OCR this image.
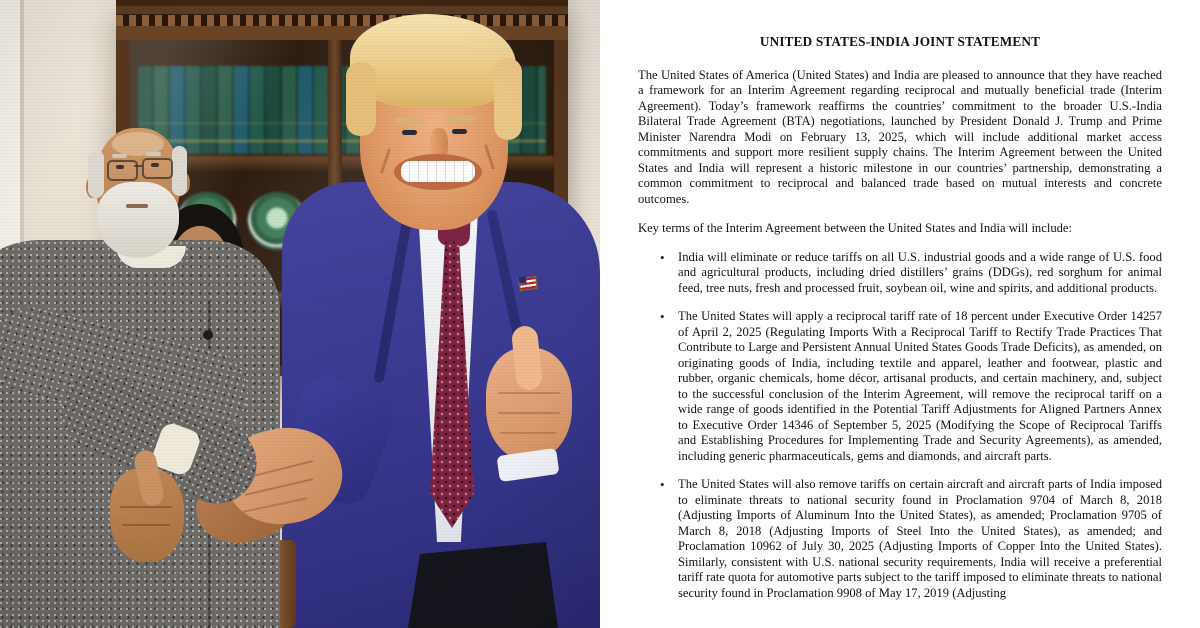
UNITED STATES-INDIA JOINT STATEMENT

The United States of America (United States) and India are pleased to announce that they have reached a framework for an Interim Agreement regarding reciprocal and mutually beneficial trade (Interim Agreement). Today’s framework reaffirms the countries’ commitment to the broader U.S.-India Bilateral Trade Agreement (BTA) negotiations, launched by President Donald J. Trump and Prime Minister Narendra Modi on February 13, 2025, which will include additional market access commitments and support more resilient supply chains. The Interim Agreement between the United States and India will represent a historic milestone in our countries’ partnership, demonstrating a common commitment to reciprocal and balanced trade based on mutual interests and concrete outcomes.

Key terms of the Interim Agreement between the United States and India will include:

• India will eliminate or reduce tariffs on all U.S. industrial goods and a wide range of U.S. food and agricultural products, including dried distillers’ grains (DDGs), red sorghum for animal feed, tree nuts, fresh and processed fruit, soybean oil, wine and spirits, and additional products.
• The United States will apply a reciprocal tariff rate of 18 percent under Executive Order 14257 of April 2, 2025 (Regulating Imports With a Reciprocal Tariff to Rectify Trade Practices That Contribute to Large and Persistent Annual United States Goods Trade Deficits), as amended, on originating goods of India, including textile and apparel, leather and footwear, plastic and rubber, organic chemicals, home décor, artisanal products, and certain machinery, and, subject to the successful conclusion of the Interim Agreement, will remove the reciprocal tariff on a wide range of goods identified in the Potential Tariff Adjustments for Aligned Partners Annex to Executive Order 14346 of September 5, 2025 (Modifying the Scope of Reciprocal Tariffs and Establishing Procedures for Implementing Trade and Security Agreements), as amended, including generic pharmaceuticals, gems and diamonds, and aircraft parts.
• The United States will also remove tariffs on certain aircraft and aircraft parts of India imposed to eliminate threats to national security found in Proclamation 9704 of March 8, 2018 (Adjusting Imports of Aluminum Into the United States), as amended; Proclamation 9705 of March 8, 2018 (Adjusting Imports of Steel Into the United States), as amended; and Proclamation 10962 of July 30, 2025 (Adjusting Imports of Copper Into the United States). Similarly, consistent with U.S. national security requirements, India will receive a preferential tariff rate quota for automotive parts subject to the tariff imposed to eliminate threats to national security found in Proclamation 9908 of May 17, 2019 (Adjusting
